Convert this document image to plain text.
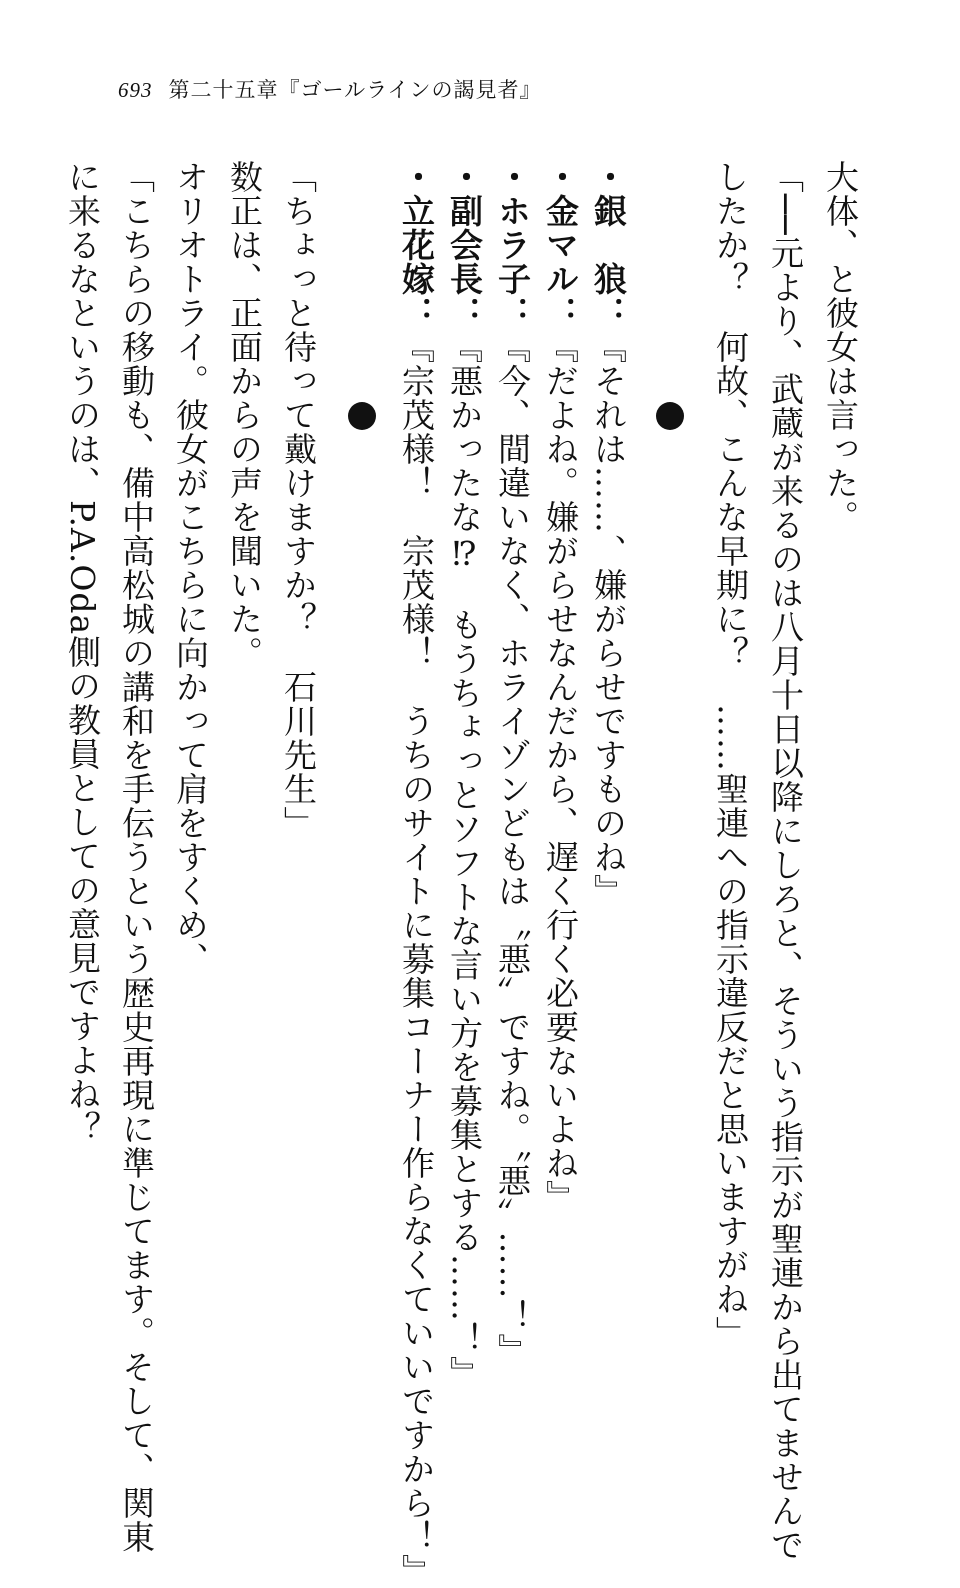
693 第二十五章『ゴールラインの謁見者』
大体、と彼女は言った。
「──元より、武蔵が来るのは八月十日以降にしろと、そういう指示が聖連から出てませんで
したか？　何故、こんな早期に？　……聖連への指示違反だと思いますがね」
・銀　狼：『それは……、嫌がらせですものね』
・金マル：『だよね。嫌がらせなんだから、遅く行く必要ないよね』
・ホラ子：『今、間違いなく、ホライゾンどもは〝悪〟ですね。〝悪〟……！』
・副会長：『悪かったな⁉　もうちょっとソフトな言い方を募集とする……！』
・立花嫁：『宗茂様！　宗茂様！　うちのサイトに募集コーナー作らなくていいですから！』
「ちょっと待って戴けますか？　石川先生」
数正は、正面からの声を聞いた。
オリオトライ。彼女がこちらに向かって肩をすくめ、
「こちらの移動も、備中高松城の講和を手伝うという歴史再現に準じてます。そして、関東
に来るなというのは、P.A.Oda側の教員としての意見ですよね？
